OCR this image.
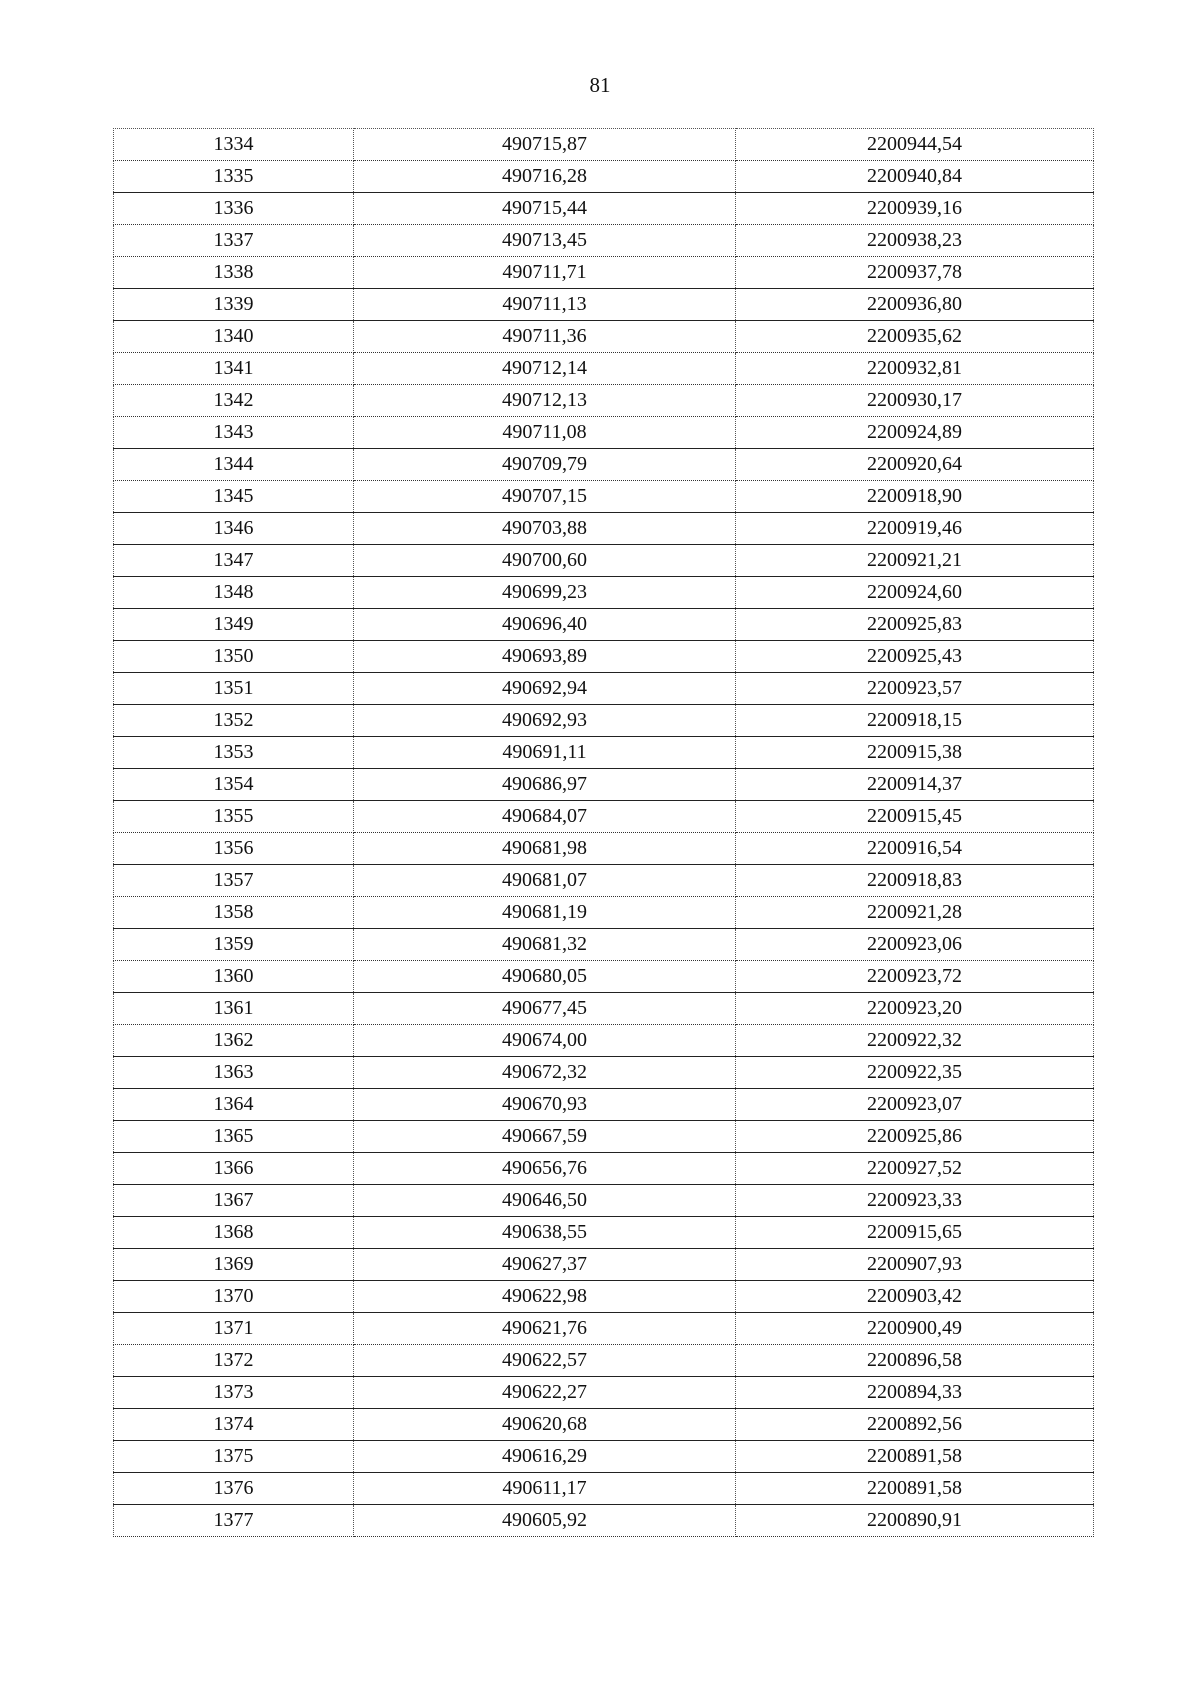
81
1334	490715,87	2200944,54
1335	490716,28	2200940,84
1336	490715,44	2200939,16
1337	490713,45	2200938,23
1338	490711,71	2200937,78
1339	490711,13	2200936,80
1340	490711,36	2200935,62
1341	490712,14	2200932,81
1342	490712,13	2200930,17
1343	490711,08	2200924,89
1344	490709,79	2200920,64
1345	490707,15	2200918,90
1346	490703,88	2200919,46
1347	490700,60	2200921,21
1348	490699,23	2200924,60
1349	490696,40	2200925,83
1350	490693,89	2200925,43
1351	490692,94	2200923,57
1352	490692,93	2200918,15
1353	490691,11	2200915,38
1354	490686,97	2200914,37
1355	490684,07	2200915,45
1356	490681,98	2200916,54
1357	490681,07	2200918,83
1358	490681,19	2200921,28
1359	490681,32	2200923,06
1360	490680,05	2200923,72
1361	490677,45	2200923,20
1362	490674,00	2200922,32
1363	490672,32	2200922,35
1364	490670,93	2200923,07
1365	490667,59	2200925,86
1366	490656,76	2200927,52
1367	490646,50	2200923,33
1368	490638,55	2200915,65
1369	490627,37	2200907,93
1370	490622,98	2200903,42
1371	490621,76	2200900,49
1372	490622,57	2200896,58
1373	490622,27	2200894,33
1374	490620,68	2200892,56
1375	490616,29	2200891,58
1376	490611,17	2200891,58
1377	490605,92	2200890,91
